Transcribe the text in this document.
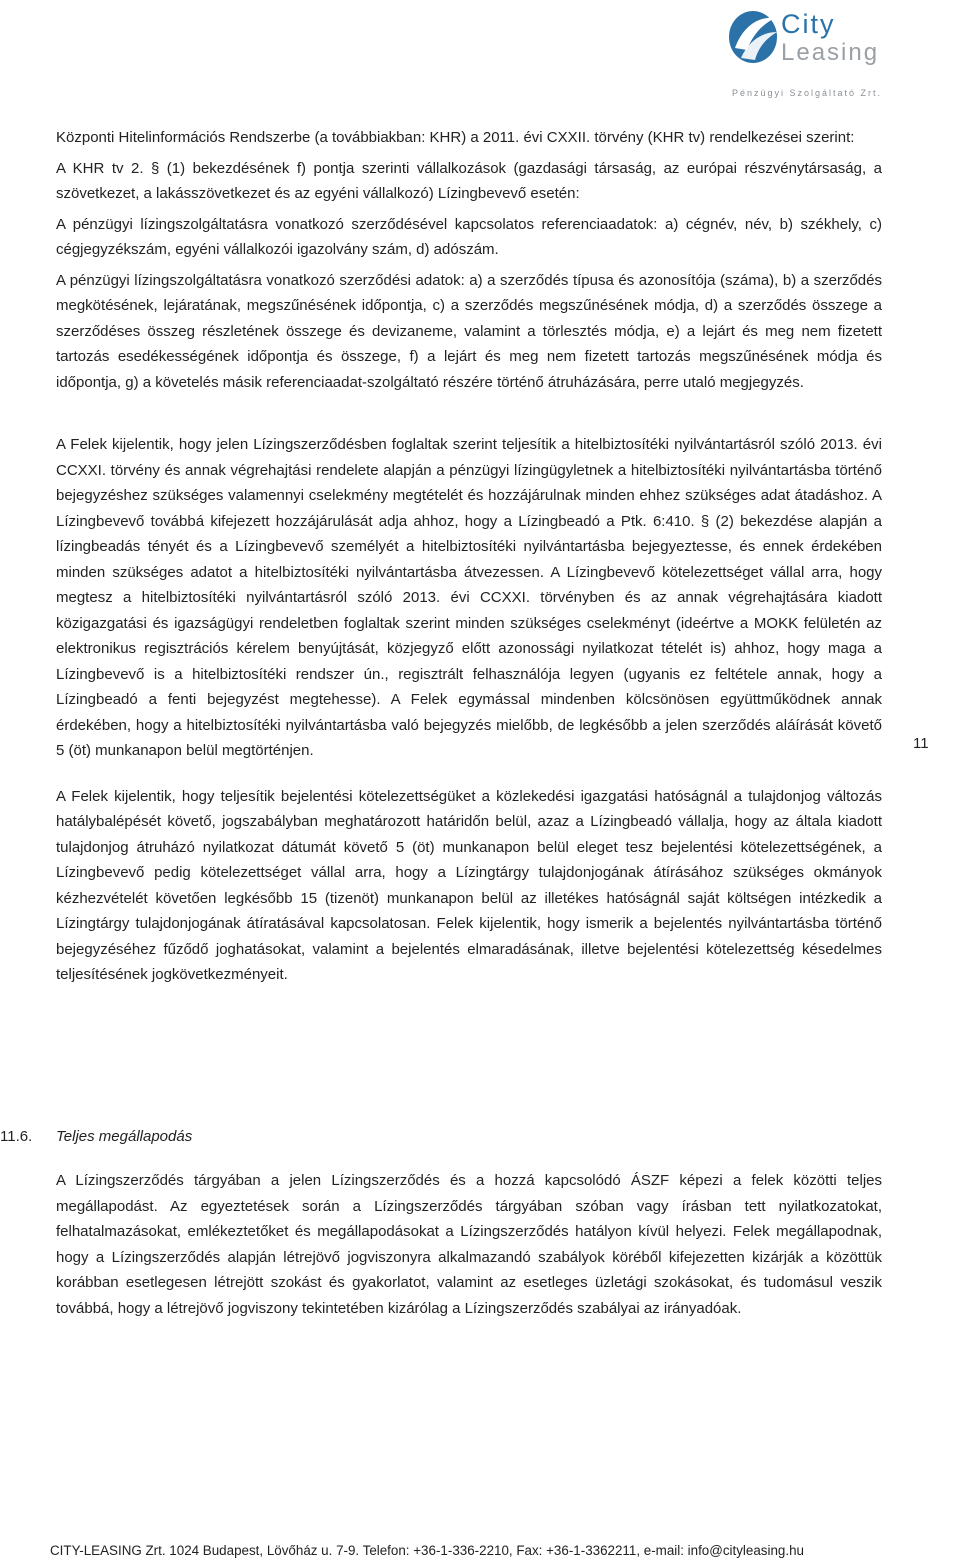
City
Leasing
Pénzügyi Szolgáltató Zrt.

Központi Hitelinformációs Rendszerbe (a továbbiakban: KHR) a 2011. évi CXXII. törvény (KHR tv) rendelkezései szerint:

A KHR tv 2. § (1) bekezdésének f) pontja szerinti vállalkozások (gazdasági társaság, az európai részvénytársaság, a szövetkezet, a lakásszövetkezet és az egyéni vállalkozó) Lízingbevevő esetén:

A pénzügyi lízingszolgáltatásra vonatkozó szerződésével kapcsolatos referenciaadatok: a) cégnév, név, b) székhely, c) cégjegyzékszám, egyéni vállalkozói igazolvány szám, d) adószám.

A pénzügyi lízingszolgáltatásra vonatkozó szerződési adatok: a) a szerződés típusa és azonosítója (száma), b) a szerződés megkötésének, lejáratának, megszűnésének időpontja, c) a szerződés megszűnésének módja, d) a szerződés összege a szerződéses összeg részletének összege és devizaneme, valamint a törlesztés módja, e) a lejárt és meg nem fizetett tartozás esedékességének időpontja és összege, f) a lejárt és meg nem fizetett tartozás megszűnésének módja és időpontja, g) a követelés másik referenciaadat-szolgáltató részére történő átruházására, perre utaló megjegyzés.

A Felek kijelentik, hogy jelen Lízingszerződésben foglaltak szerint teljesítik a hitelbiztosítéki nyilvántartásról szóló 2013. évi CCXXI. törvény és annak végrehajtási rendelete alapján a pénzügyi lízingügyletnek a hitelbiztosítéki nyilvántartásba történő bejegyzéshez szükséges valamennyi cselekmény megtételét és hozzájárulnak minden ehhez szükséges adat átadáshoz. A Lízingbevevő továbbá kifejezett hozzájárulását adja ahhoz, hogy a Lízingbeadó a Ptk. 6:410. § (2) bekezdése alapján a lízingbeadás tényét és a Lízingbevevő személyét a hitelbiztosítéki nyilvántartásba bejegyeztesse, és ennek érdekében minden szükséges adatot a hitelbiztosítéki nyilvántartásba átvezessen. A Lízingbevevő kötelezettséget vállal arra, hogy megtesz a hitelbiztosítéki nyilvántartásról szóló 2013. évi CCXXI. törvényben és az annak végrehajtására kiadott közigazgatási és igazságügyi rendeletben foglaltak szerint minden szükséges cselekményt (ideértve a MOKK felületén az elektronikus regisztrációs kérelem benyújtását, közjegyző előtt azonossági nyilatkozat tételét is) ahhoz, hogy maga a Lízingbevevő is a hitelbiztosítéki rendszer ún., regisztrált felhasználója legyen (ugyanis ez feltétele annak, hogy a Lízingbeadó a fenti bejegyzést megtehesse). A Felek egymással mindenben kölcsönösen együttműködnek annak érdekében, hogy a hitelbiztosítéki nyilvántartásba való bejegyzés mielőbb, de legkésőbb a jelen szerződés aláírását követő 5 (öt) munkanapon belül megtörténjen.

A Felek kijelentik, hogy teljesítik bejelentési kötelezettségüket a közlekedési igazgatási hatóságnál a tulajdonjog változás hatálybalépését követő, jogszabályban meghatározott határidőn belül, azaz a Lízingbeadó vállalja, hogy az általa kiadott tulajdonjog átruházó nyilatkozat dátumát követő 5 (öt) munkanapon belül eleget tesz bejelentési kötelezettségének, a Lízingbevevő pedig kötelezettséget vállal arra, hogy a Lízingtárgy tulajdonjogának átírásához szükséges okmányok kézhezvételét követően legkésőbb 15 (tizenöt) munkanapon belül az illetékes hatóságnál saját költségen intézkedik a Lízingtárgy tulajdonjogának átíratásával kapcsolatosan. Felek kijelentik, hogy ismerik a bejelentés nyilvántartásba történő bejegyzéséhez fűződő joghatásokat, valamint a bejelentés elmaradásának, illetve bejelentési kötelezettség késedelmes teljesítésének jogkövetkezményeit.

11.6. Teljes megállapodás

A Lízingszerződés tárgyában a jelen Lízingszerződés és a hozzá kapcsolódó ÁSZF képezi a felek közötti teljes megállapodást. Az egyeztetések során a Lízingszerződés tárgyában szóban vagy írásban tett nyilatkozatokat, felhatalmazásokat, emlékeztetőket és megállapodásokat a Lízingszerződés hatályon kívül helyezi. Felek megállapodnak, hogy a Lízingszerződés alapján létrejövő jogviszonyra alkalmazandó szabályok köréből kifejezetten kizárják a közöttük korábban esetlegesen létrejött szokást és gyakorlatot, valamint az esetleges üzletági szokásokat, és tudomásul veszik továbbá, hogy a létrejövő jogviszony tekintetében kizárólag a Lízingszerződés szabályai az irányadóak.

11
CITY-LEASING Zrt. 1024 Budapest, Lövőház u. 7-9. Telefon: +36-1-336-2210, Fax: +36-1-3362211, e-mail: info@cityleasing.hu
